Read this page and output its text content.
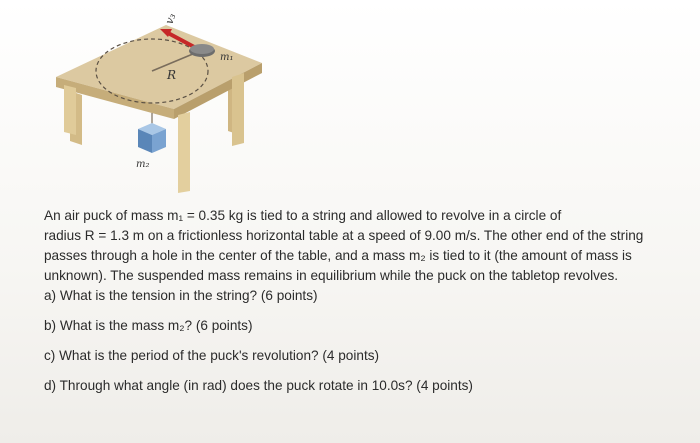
v₃
m₁
R
m₂

An air puck of mass m₁ = 0.35 kg is tied to a string and allowed to revolve in a circle of

radius R = 1.3 m on a frictionless horizontal table at a speed of 9.00 m/s. The other end of the string

passes through a hole in the center of the table, and a mass m₂ is tied to it (the amount of mass is

unknown). The suspended mass remains in equilibrium while the puck on the tabletop revolves.

a) What is the tension in the string? (6 points)

b) What is the mass m₂? (6 points)

c) What is the period of the puck's revolution? (4 points)

d) Through what angle (in rad) does the puck rotate in 10.0s? (4 points)
